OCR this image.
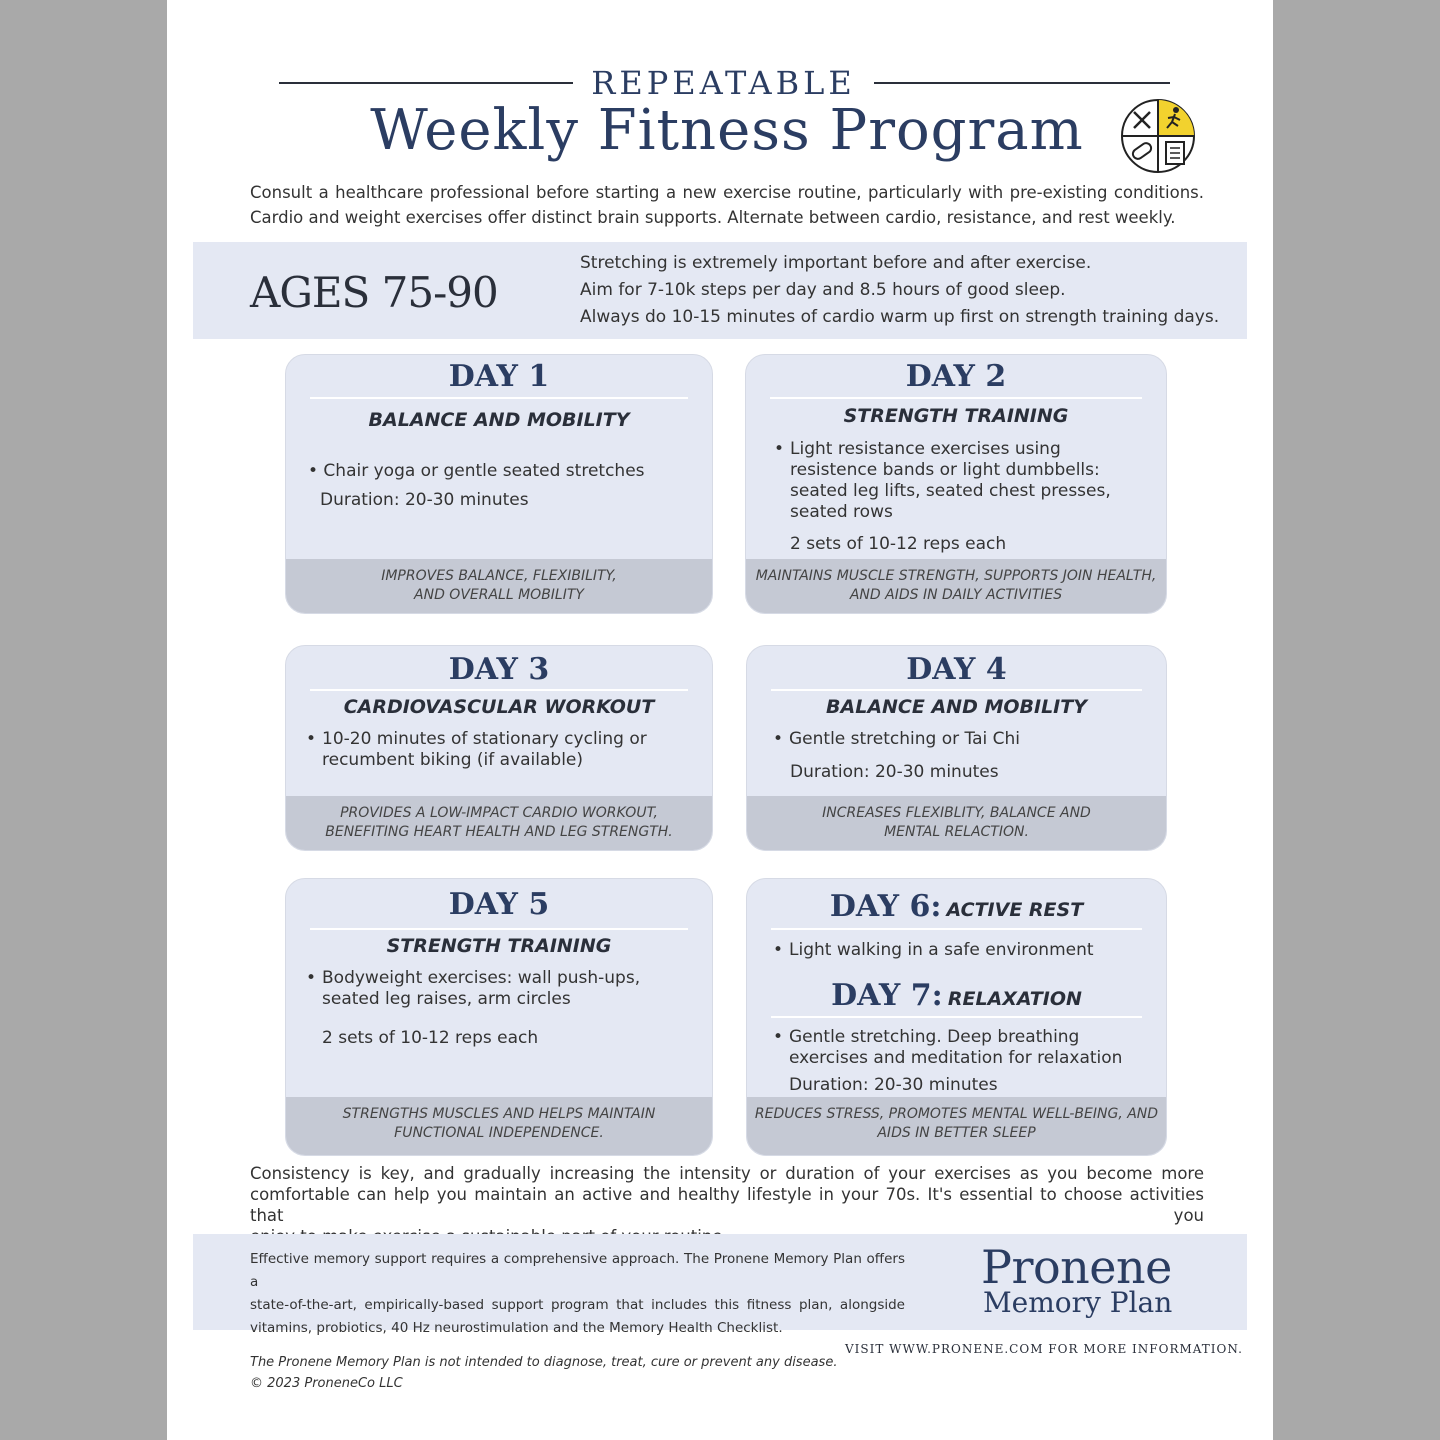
REPEATABLE
Weekly Fitness Program

Consult a healthcare professional before starting a new exercise routine, particularly with pre-existing conditions.

Cardio and weight exercises offer distinct brain supports. Alternate between cardio, resistance, and rest weekly.

AGES 75-90
Stretching is extremely important before and after exercise.
Aim for 7-10k steps per day and 8.5 hours of good sleep.
Always do 10-15 minutes of cardio warm up first on strength training days.
DAY 1
BALANCE AND MOBILITY
• Chair yoga or gentle seated stretches
Duration: 20-30 minutes
IMPROVES BALANCE, FLEXIBILITY,
AND OVERALL MOBILITY
DAY 2
STRENGTH TRAINING
• Light resistance exercises using resistence bands or light dumbbells: seated leg lifts, seated chest presses, seated rows
2 sets of 10-12 reps each
MAINTAINS MUSCLE STRENGTH, SUPPORTS JOIN HEALTH,
AND AIDS IN DAILY ACTIVITIES
DAY 3
CARDIOVASCULAR WORKOUT
• 10-20 minutes of stationary cycling or recumbent biking (if available)
PROVIDES A LOW-IMPACT CARDIO WORKOUT,
BENEFITING HEART HEALTH AND LEG STRENGTH.
DAY 4
BALANCE AND MOBILITY
• Gentle stretching or Tai Chi
Duration: 20-30 minutes
INCREASES FLEXIBLITY, BALANCE AND
MENTAL RELACTION.
DAY 5
STRENGTH TRAINING
• Bodyweight exercises: wall push-ups, seated leg raises, arm circles
2 sets of 10-12 reps each
STRENGTHS MUSCLES AND HELPS MAINTAIN
FUNCTIONAL INDEPENDENCE.
DAY 6: ACTIVE REST
• Light walking in a safe environment
DAY 7: RELAXATION
• Gentle stretching. Deep breathing exercises and meditation for relaxation
Duration: 20-30 minutes
REDUCES STRESS, PROMOTES MENTAL WELL-BEING, AND
AIDS IN BETTER SLEEP

Consistency is key, and gradually increasing the intensity or duration of your exercises as you become more

comfortable can help you maintain an active and healthy lifestyle in your 70s. It's essential to choose activities that you

Effective memory support requires a comprehensive approach. The Pronene Memory Plan offers a

state-of-the-art, empirically-based support program that includes this fitness plan, alongside

vitamins, probiotics, 40 Hz neurostimulation and the Memory Health Checklist.

Pronene
Memory Plan
VISIT WWW.PRONENE.COM FOR MORE INFORMATION.
The Pronene Memory Plan is not intended to diagnose, treat, cure or prevent any disease.
© 2023 ProneneCo LLC
